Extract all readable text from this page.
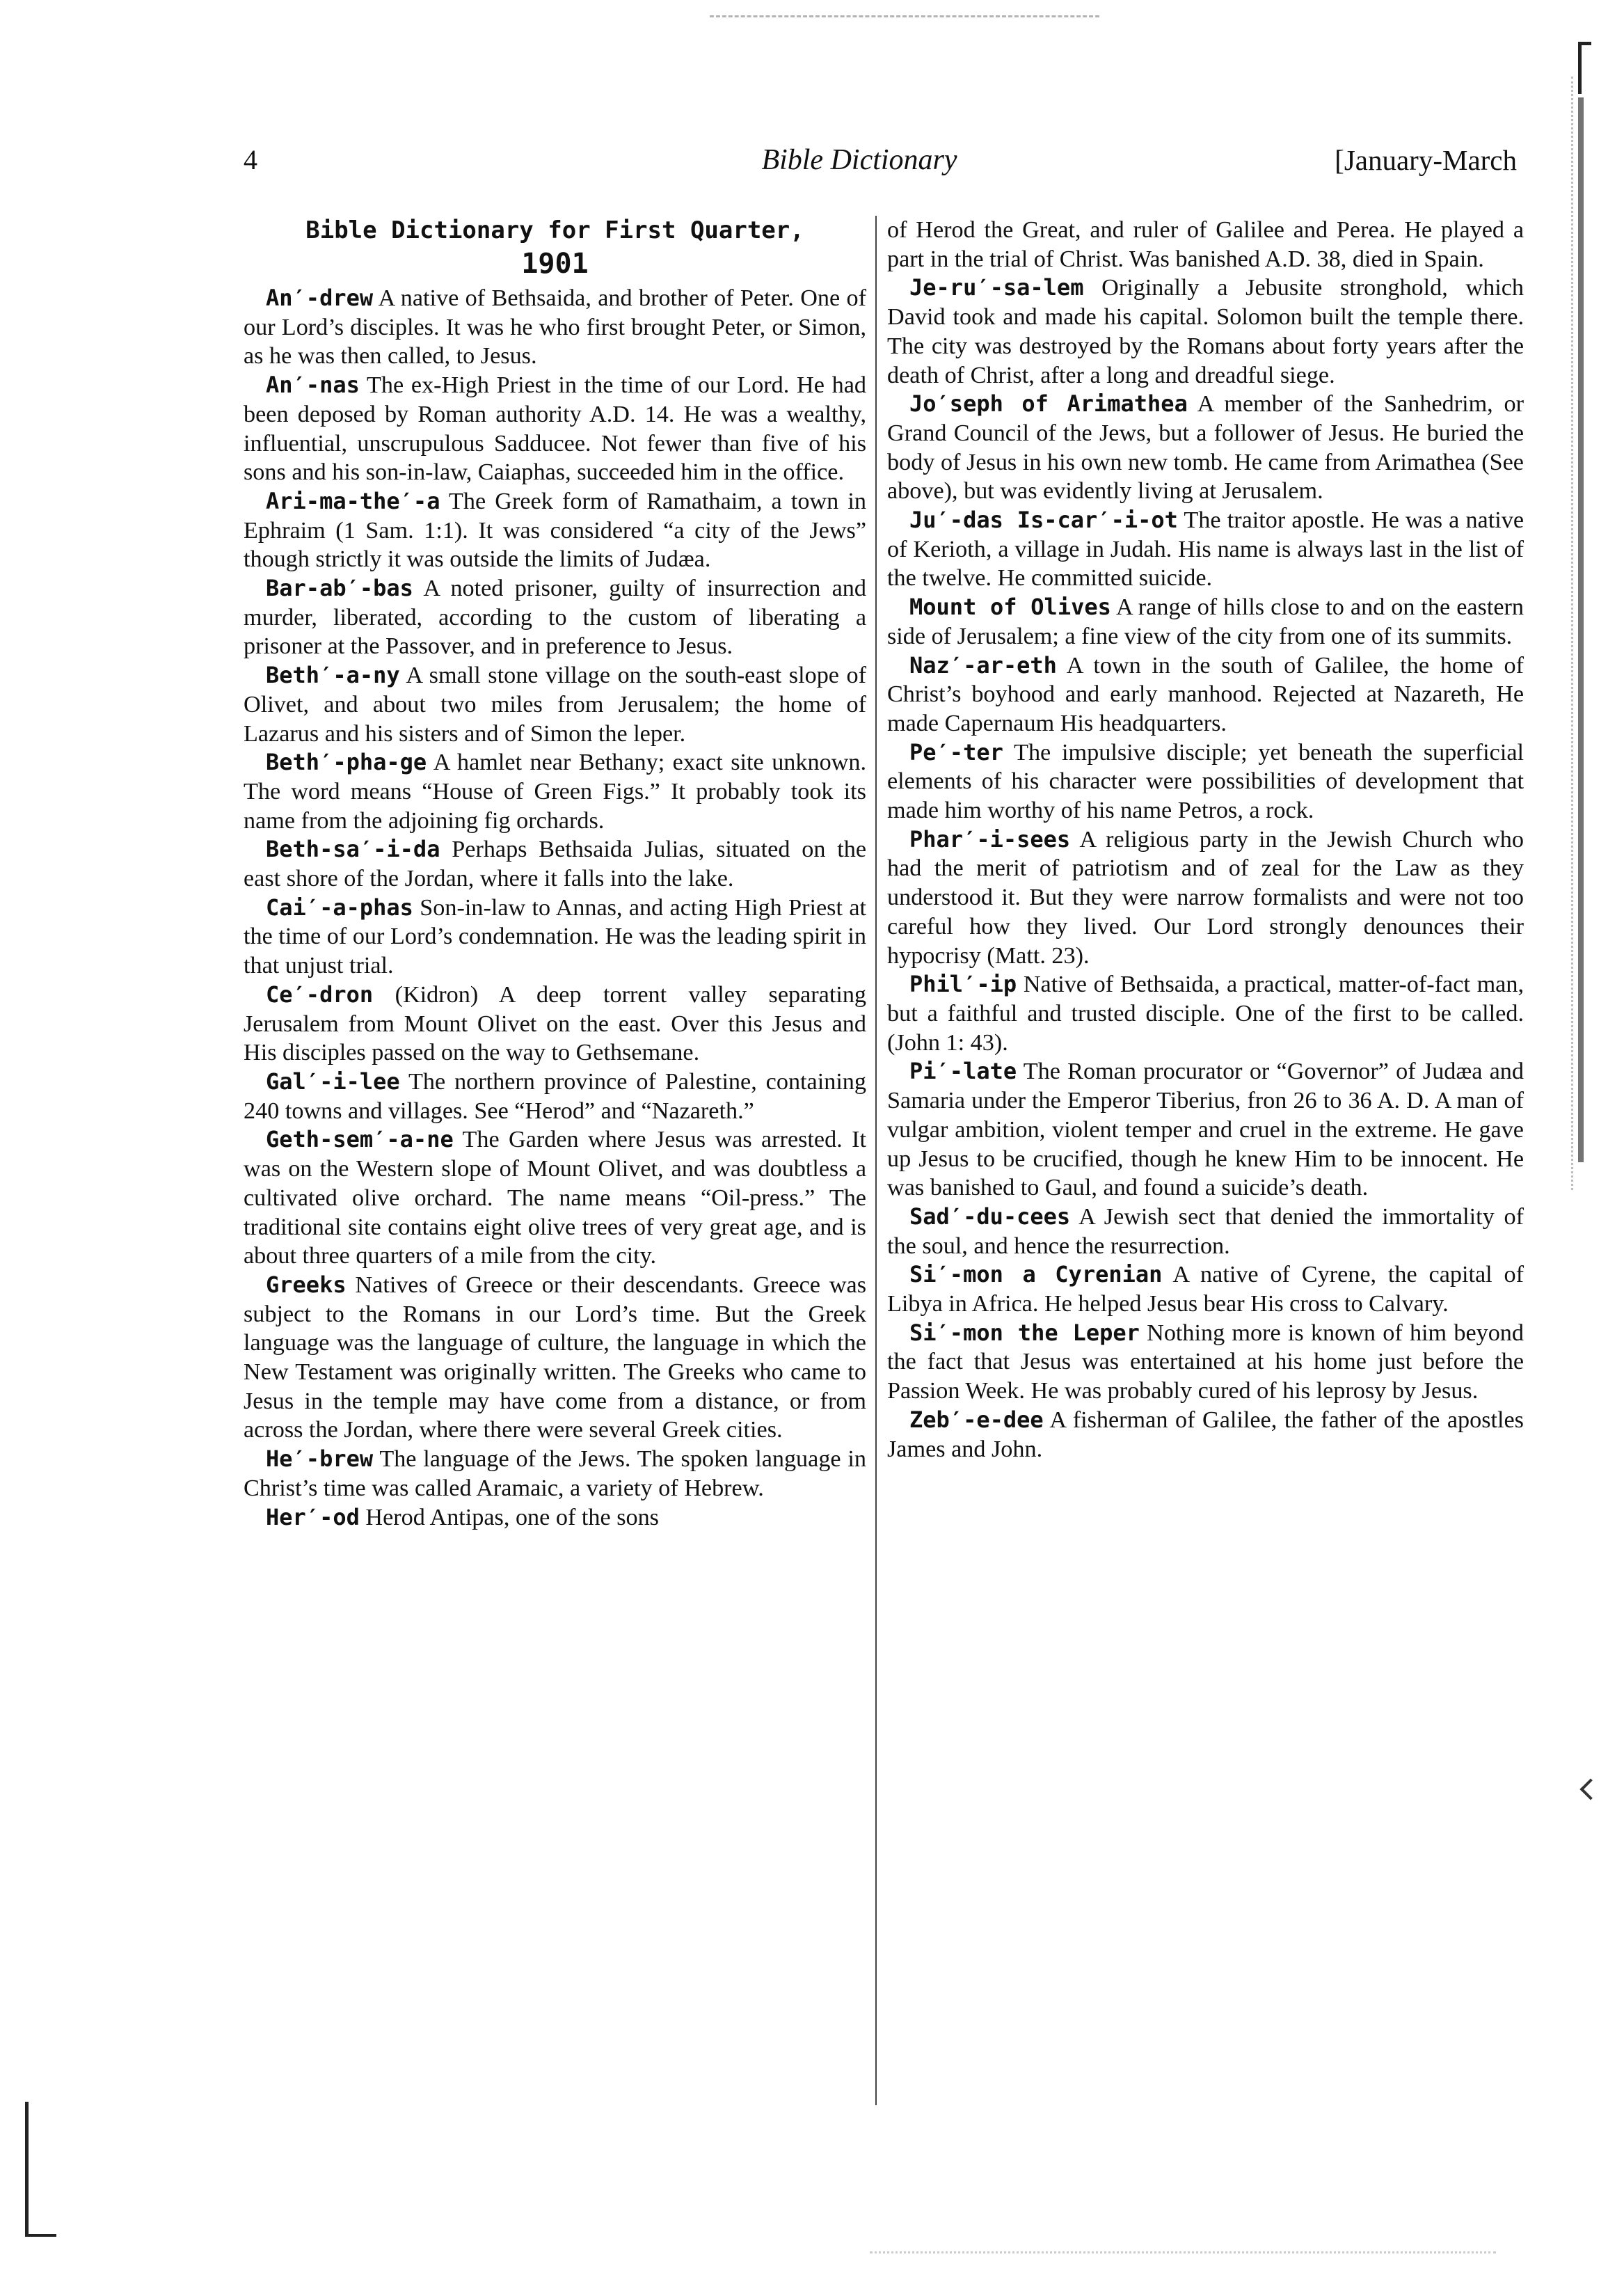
4	Bible Dictionary	[January-March

Bible Dictionary for First Quarter,

1901

An′-drew A native of Bethsaida, and brother of Peter. One of our Lord’s disciples. It was he who first brought Peter, or Simon, as he was then called, to Jesus.

An′-nas The ex-High Priest in the time of our Lord. He had been deposed by Roman authority A.D. 14. He was a wealthy, influential, unscrupulous Sadducee. Not fewer than five of his sons and his son-in-law, Caiaphas, succeeded him in the office.

Ari-ma-the′-a The Greek form of Ramathaim, a town in Ephraim (1 Sam. 1:1). It was considered “a city of the Jews” though strictly it was outside the limits of Judæa.

Bar-ab′-bas A noted prisoner, guilty of insurrection and murder, liberated, according to the custom of liberating a prisoner at the Passover, and in preference to Jesus.

Beth′-a-ny A small stone village on the south-east slope of Olivet, and about two miles from Jerusalem; the home of Lazarus and his sisters and of Simon the leper.

Beth′-pha-ge A hamlet near Bethany; exact site unknown. The word means “House of Green Figs.” It probably took its name from the adjoining fig orchards.

Beth-sa′-i-da Perhaps Bethsaida Julias, situated on the east shore of the Jordan, where it falls into the lake.

Cai′-a-phas Son-in-law to Annas, and acting High Priest at the time of our Lord’s condemnation. He was the leading spirit in that unjust trial.

Ce′-dron (Kidron) A deep torrent valley separating Jerusalem from Mount Olivet on the east. Over this Jesus and His disciples passed on the way to Gethsemane.

Gal′-i-lee The northern province of Palestine, containing 240 towns and villages. See “Herod” and “Nazareth.”

Geth-sem′-a-ne The Garden where Jesus was arrested. It was on the Western slope of Mount Olivet, and was doubtless a cultivated olive orchard. The name means “Oil-press.” The traditional site contains eight olive trees of very great age, and is about three quarters of a mile from the city.

Greeks Natives of Greece or their descendants. Greece was subject to the Romans in our Lord’s time. But the Greek language was the language of culture, the language in which the New Testament was originally written. The Greeks who came to Jesus in the temple may have come from a distance, or from across the Jordan, where there were several Greek cities.

He′-brew The language of the Jews. The spoken language in Christ’s time was called Aramaic, a variety of Hebrew.

Her′-od Herod Antipas, one of the sons

of Herod the Great, and ruler of Galilee and Perea. He played a part in the trial of Christ. Was banished A.D. 38, died in Spain.

Je-ru′-sa-lem Originally a Jebusite stronghold, which David took and made his capital. Solomon built the temple there. The city was destroyed by the Romans about forty years after the death of Christ, after a long and dreadful siege.

Jo′seph of Arimathea A member of the Sanhedrim, or Grand Council of the Jews, but a follower of Jesus. He buried the body of Jesus in his own new tomb. He came from Arimathea (See above), but was evidently living at Jerusalem.

Ju′-das Is-car′-i-ot The traitor apostle. He was a native of Kerioth, a village in Judah. His name is always last in the list of the twelve. He committed suicide.

Mount of Olives A range of hills close to and on the eastern side of Jerusalem; a fine view of the city from one of its summits.

Naz′-ar-eth A town in the south of Galilee, the home of Christ’s boyhood and early manhood. Rejected at Nazareth, He made Capernaum His headquarters.

Pe′-ter The impulsive disciple; yet beneath the superficial elements of his character were possibilities of development that made him worthy of his name Petros, a rock.

Phar′-i-sees A religious party in the Jewish Church who had the merit of patriotism and of zeal for the Law as they understood it. But they were narrow formalists and were not too careful how they lived. Our Lord strongly denounces their hypocrisy (Matt. 23).

Phil′-ip Native of Bethsaida, a practical, matter-of-fact man, but a faithful and trusted disciple. One of the first to be called. (John 1: 43).

Pi′-late The Roman procurator or “Governor” of Judæa and Samaria under the Emperor Tiberius, fron 26 to 36 A. D. A man of vulgar ambition, violent temper and cruel in the extreme. He gave up Jesus to be crucified, though he knew Him to be innocent. He was banished to Gaul, and found a suicide’s death.

Sad′-du-cees A Jewish sect that denied the immortality of the soul, and hence the resurrection.

Si′-mon a Cyrenian A native of Cyrene, the capital of Libya in Africa. He helped Jesus bear His cross to Calvary.

Si′-mon the Leper Nothing more is known of him beyond the fact that Jesus was entertained at his home just before the Passion Week. He was probably cured of his leprosy by Jesus.

Zeb′-e-dee A fisherman of Galilee, the father of the apostles James and John.
